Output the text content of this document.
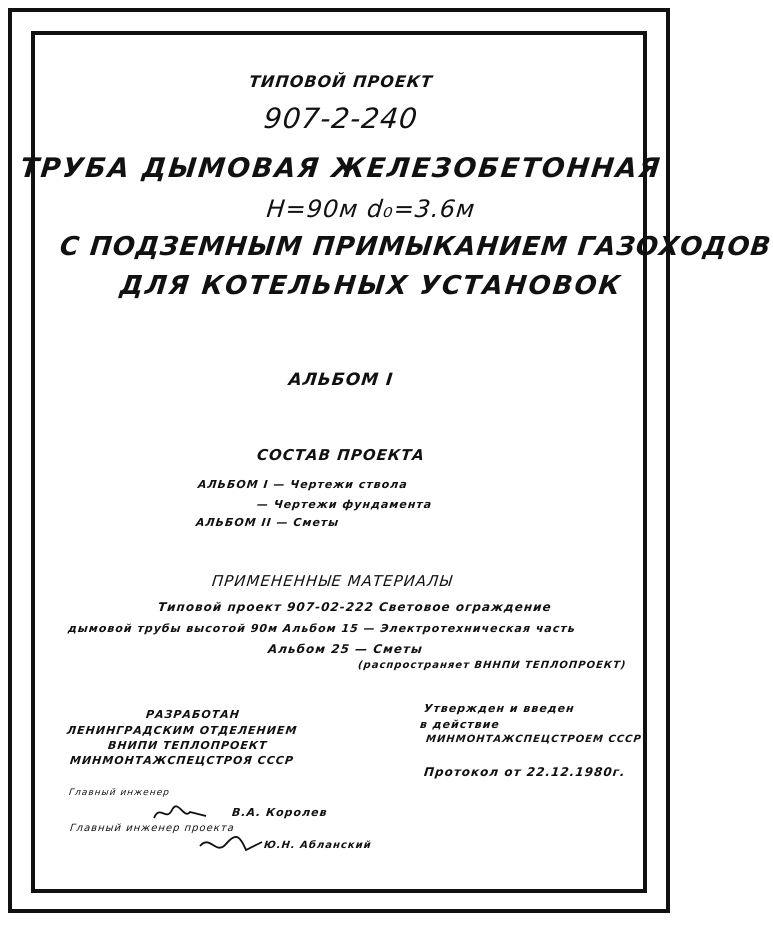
ТИПОВОЙ ПРОЕКТ
907-2-240
ТРУБА ДЫМОВАЯ ЖЕЛЕЗОБЕТОННАЯ
Н=90м d₀=3.6м
С ПОДЗЕМНЫМ ПРИМЫКАНИЕМ ГАЗОХОДОВ
ДЛЯ КОТЕЛЬНЫХ УСТАНОВОК
АЛЬБОМ I
СОСТАВ ПРОЕКТА
АЛЬБОМ I — Чертежи ствола
— Чертежи фундамента
АЛЬБОМ II — Сметы
ПРИМЕНЕННЫЕ МАТЕРИАЛЫ
Типовой проект 907-02-222 Световое ограждение
дымовой трубы высотой 90м Альбом 15 — Электротехническая часть
Альбом 25 — Сметы
(распространяет ВННПИ ТЕПЛОПРОЕКТ)
РАЗРАБОТАН
ЛЕНИНГРАДСКИМ ОТДЕЛЕНИЕМ
ВНИПИ ТЕПЛОПРОЕКТ
МИНМОНТАЖСПЕЦСТРОЯ СССР
Утвержден и введен
в действие
МИНМОНТАЖСПЕЦСТРОЕМ СССР
Протокол от 22.12.1980г.
Главный инженер
В.А. Королев
Главный инженер проекта
Ю.Н. Абланский
